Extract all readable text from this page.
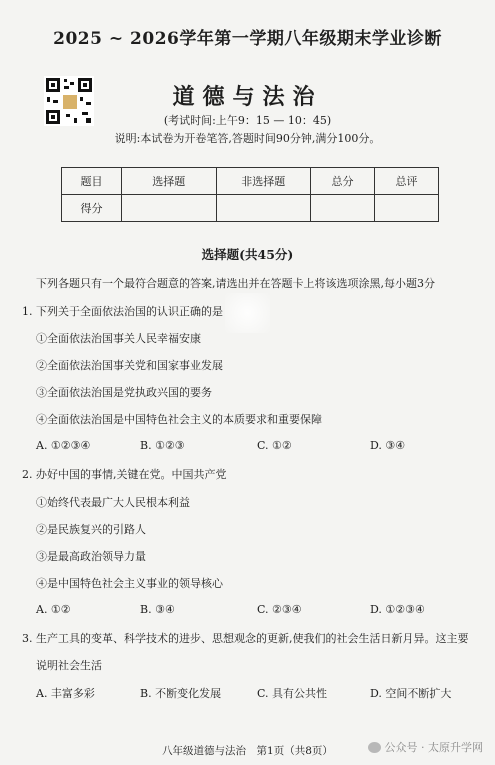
2025 ~ 2026学年第一学期八年级期末学业诊断
道德与法治
(考试时间:上午9：15 — 10：45)
说明:本试卷为开卷笔答,答题时间90分钟,满分100分。
题目	选择题	非选择题	总分	总评
得分				
选择题(共45分)
下列各题只有一个最符合题意的答案,请选出并在答题卡上将该选项涂黑,每小题3分
1. 下列关于全面依法治国的认识正确的是
①全面依法治国事关人民幸福安康
②全面依法治国事关党和国家事业发展
③全面依法治国是党执政兴国的要务
④全面依法治国是中国特色社会主义的本质要求和重要保障
A. ①②③④	B. ①②③	C. ①②	D. ③④
2. 办好中国的事情,关键在党。中国共产党
①始终代表最广大人民根本利益
②是民族复兴的引路人
③是最高政治领导力量
④是中国特色社会主义事业的领导核心
A. ①②	B. ③④	C. ②③④	D. ①②③④
3. 生产工具的变革、科学技术的进步、思想观念的更新,使我们的社会生活日新月异。这主要
说明社会生活
A. 丰富多彩	B. 不断变化发展	C. 具有公共性	D. 空间不断扩大
八年级道德与法治　第1页（共8页）	公众号 · 太原升学网
